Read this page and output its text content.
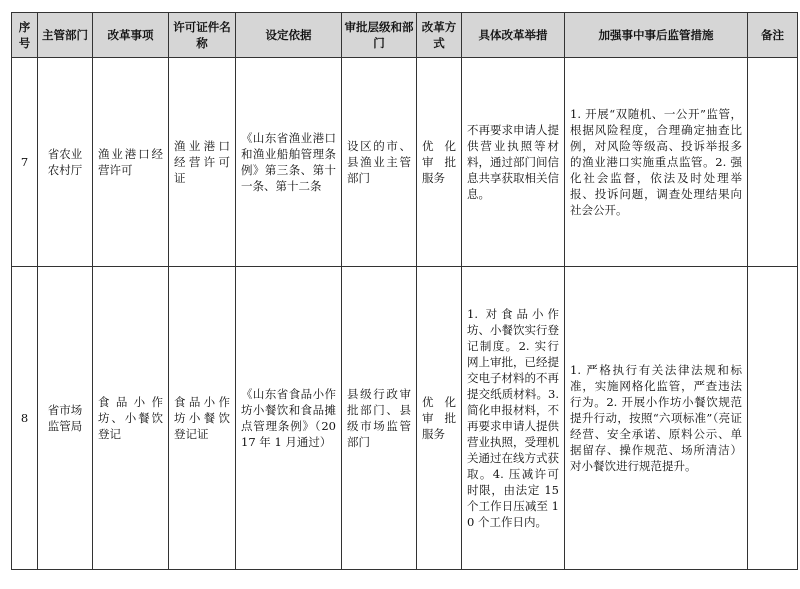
序号	主管部门	改革事项	许可证件名称	设定依据	审批层级和部门	改革方式	具体改革举措	加强事中事后监管措施	备注
7	省农业农村厅	渔业港口经营许可	渔业港口经营许可证	《山东省渔业港口和渔业船舶管理条例》第三条、第十一条、第十二条	设区的市、县渔业主管部门	优化审批服务	不再要求申请人提供营业执照等材料，通过部门间信息共享获取相关信息。	1. 开展“双随机、一公开”监管，根据风险程度，合理确定抽查比例，对风险等级高、投诉举报多的渔业港口实施重点监管。2. 强化社会监督，依法及时处理举报、投诉问题，调查处理结果向社会公开。	
8	省市场监管局	食品小作坊、小餐饮登记	食品小作坊小餐饮登记证	《山东省食品小作坊小餐饮和食品摊点管理条例》（2017 年 1 月通过）	县级行政审批部门、县级市场监管部门	优化审批服务	1. 对食品小作坊、小餐饮实行登记制度。2. 实行网上审批，已经提交电子材料的不再提交纸质材料。3. 简化申报材料，不再要求申请人提供营业执照，受理机关通过在线方式获取。4. 压减许可时限，由法定 15 个工作日压减至 10 个工作日内。	1. 严格执行有关法律法规和标准，实施网格化监管，严查违法行为。2. 开展小作坊小餐饮规范提升行动，按照“六项标准”（亮证经营、安全承诺、原料公示、单据留存、操作规范、场所清洁）对小餐饮进行规范提升。	
